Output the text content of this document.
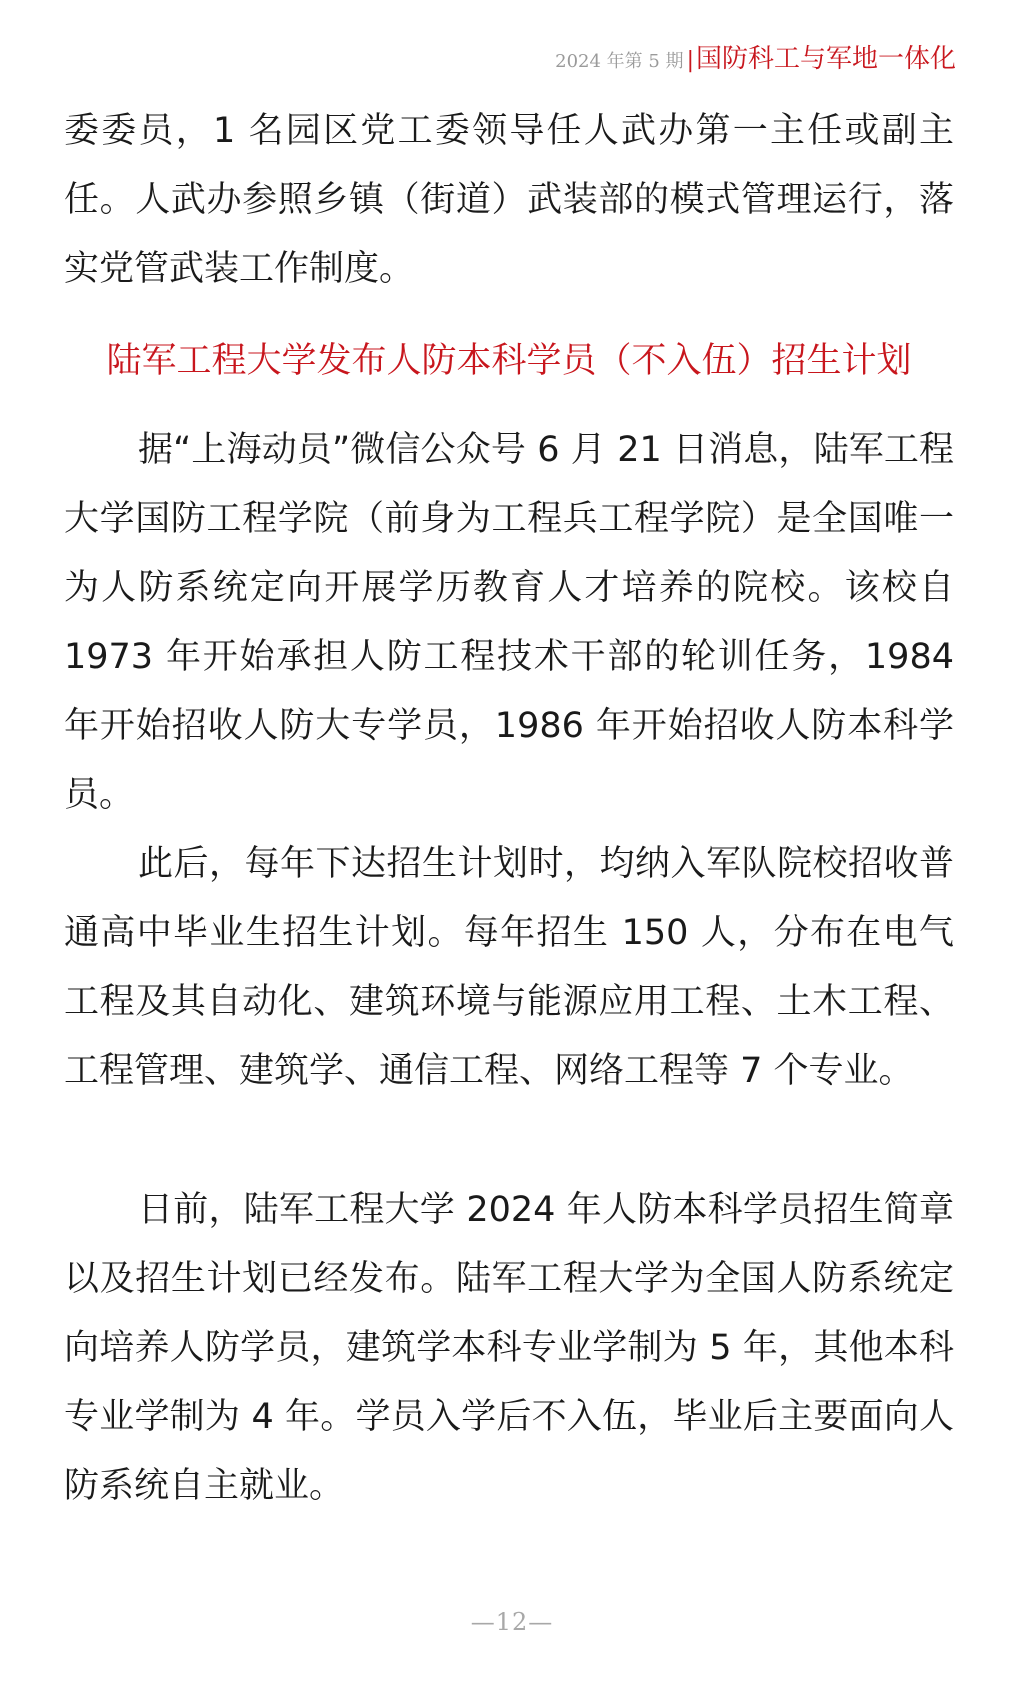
2024 年第 5 期 | 国防科工与军地一体化

委委员，1 名园区党工委领导任人武办第一主任或副主任。人武办参照乡镇（街道）武装部的模式管理运行，落实党管武装工作制度。

陆军工程大学发布人防本科学员（不入伍）招生计划

据“上海动员”微信公众号 6 月 21 日消息，陆军工程大学国防工程学院（前身为工程兵工程学院）是全国唯一为人防系统定向开展学历教育人才培养的院校。该校自 1973 年开始承担人防工程技术干部的轮训任务，1984 年开始招收人防大专学员，1986 年开始招收人防本科学员。

此后，每年下达招生计划时，均纳入军队院校招收普通高中毕业生招生计划。每年招生 150 人，分布在电气工程及其自动化、建筑环境与能源应用工程、土木工程、工程管理、建筑学、通信工程、网络工程等 7 个专业。

日前，陆军工程大学 2024 年人防本科学员招生简章以及招生计划已经发布。陆军工程大学为全国人防系统定向培养人防学员，建筑学本科专业学制为 5 年，其他本科专业学制为 4 年。学员入学后不入伍，毕业后主要面向人防系统自主就业。

—12—
